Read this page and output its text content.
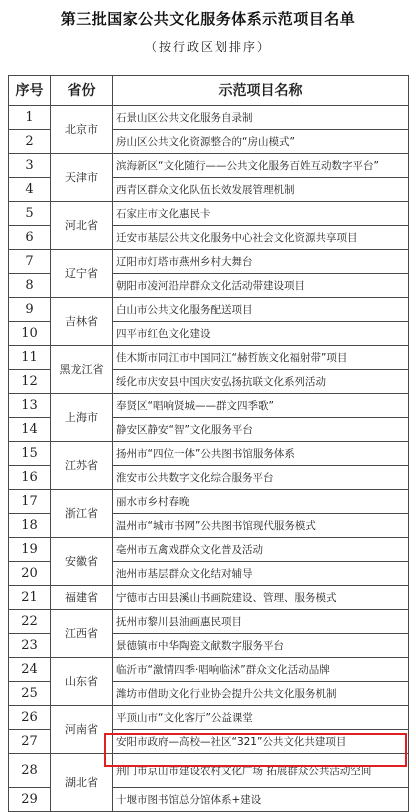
第三批国家公共文化服务体系示范项目名单
（按行政区划排序）
序号	省份	示范项目名称
1	北京市	石景山区公共文化服务自录制
2		房山区公共文化资源整合的“房山模式”
3	天津市	滨海新区“文化随行——公共文化服务百姓互动数字平台”
4		西青区群众文化队伍长效发展管理机制
5	河北省	石家庄市文化惠民卡
6		迁安市基层公共文化服务中心社会文化资源共享项目
7	辽宁省	辽阳市灯塔市燕州乡村大舞台
8		朝阳市凌河沿岸群众文化活动带建设项目
9	吉林省	白山市公共文化服务配送项目
10		四平市红色文化建设
11	黑龙江省	佳木斯市同江市中国同江“赫哲族文化福射带”项目
12		绥化市庆安县中国庆安弘扬抗联文化系列活动
13	上海市	奉贤区“唱响贤城——群文四季歌”
14		静安区静安“智”文化服务平台
15	江苏省	扬州市“四位一体”公共图书馆服务体系
16		淮安市公共数字文化综合服务平台
17	浙江省	丽水市乡村春晚
18		温州市“城市书网”公共图书馆现代服务模式
19	安徽省	亳州市五禽戏群众文化普及活动
20		池州市基层群众文化结对辅导
21	福建省	宁德市古田县溪山书画院建设、管理、服务模式
22	江西省	抚州市黎川县油画惠民项目
23		景德镇市中华陶瓷文献数字服务平台
24	山东省	临沂市“激情四季·唱响临沭”群众文化活动品牌
25		潍坊市借助文化行业协会提升公共文化服务机制
26	河南省	平顶山市“文化客厅”公益课堂
27		安阳市政府—高校—社区“321”公共文化共建项目
28	湖北省	荆门市京山市建设农村文化广场 拓展群众公共活动空间
29		十堰市图书馆总分馆体系+建设
